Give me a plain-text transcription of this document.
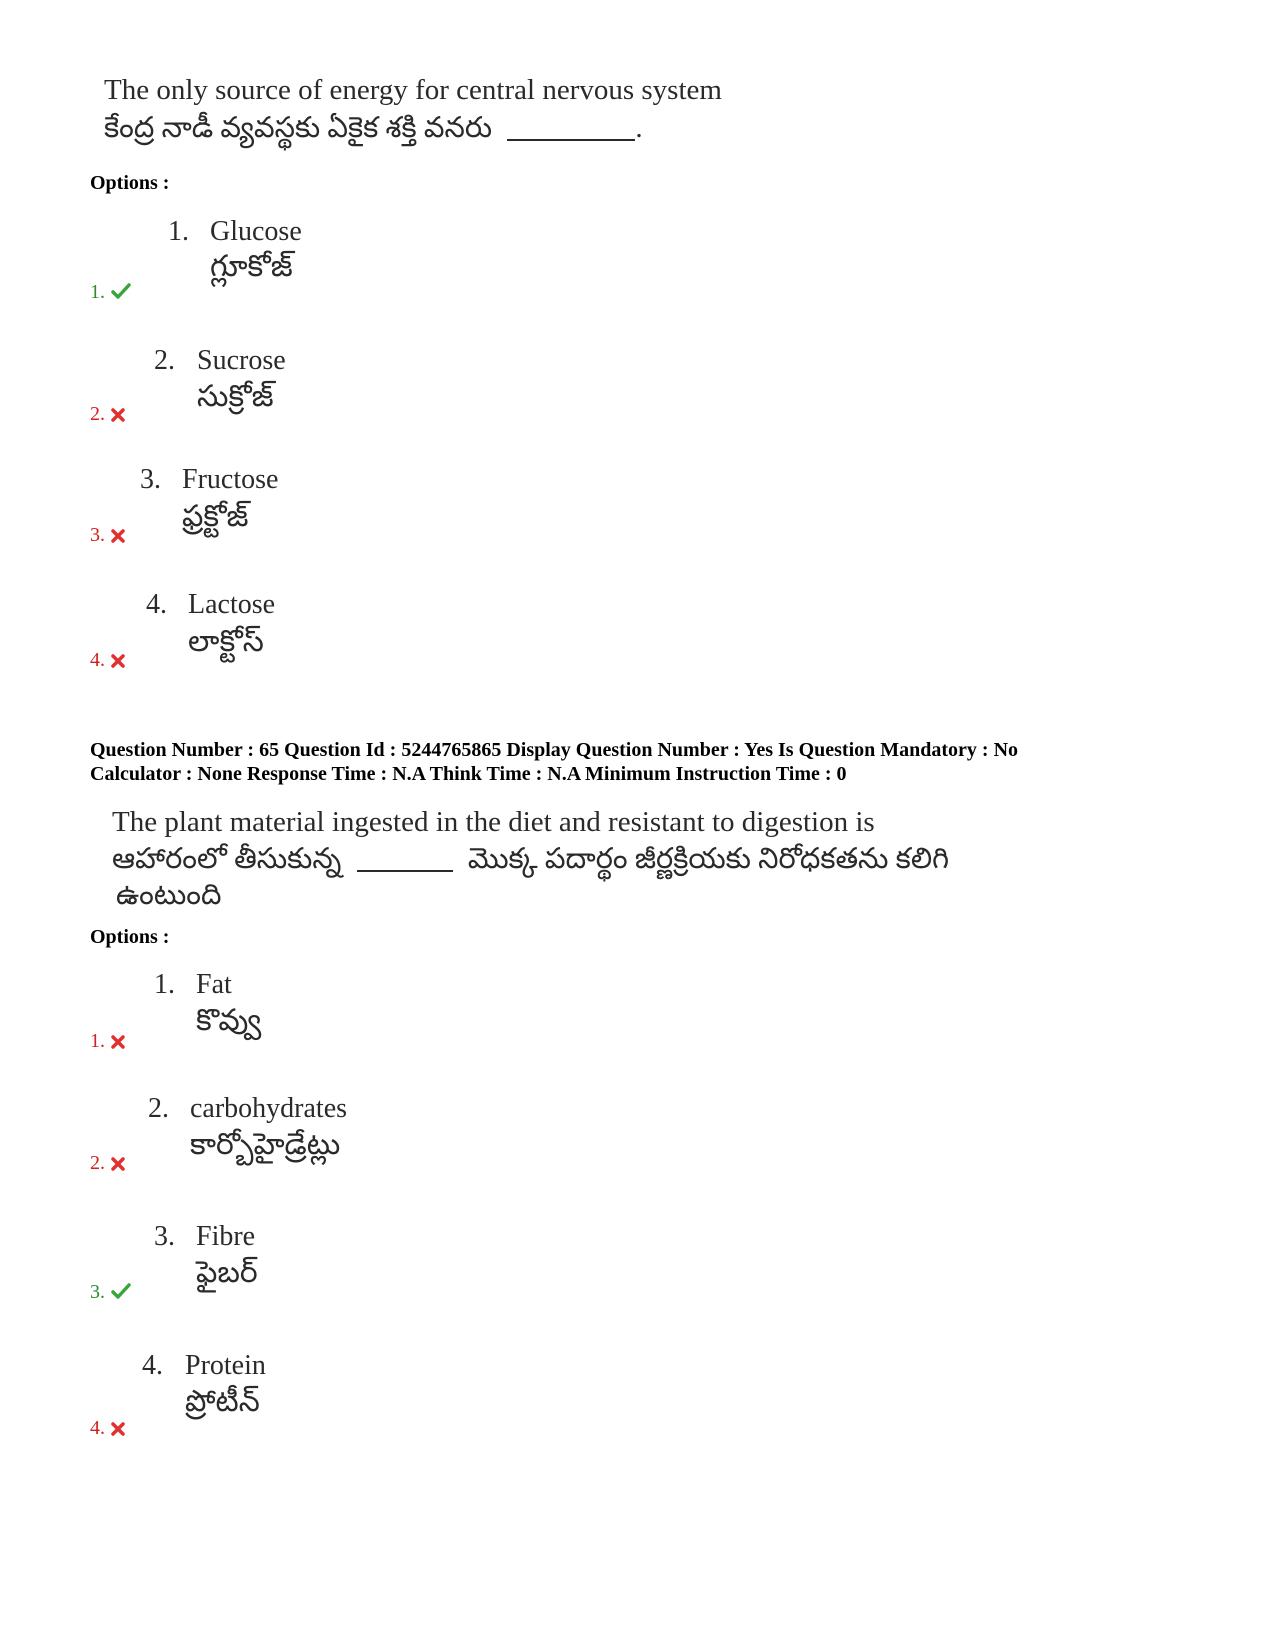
The only source of energy for central nervous system
కేంద్ర నాడీ వ్యవస్థకు ఏకైక శక్తి వనరు	.
Options :
1. Glucose
గ్లూకోజ్
1.
2. Sucrose
సుక్రోజ్
2.
3. Fructose
ఫ్రక్టోజ్
3.
4. Lactose
లాక్టోస్
4.
Question Number : 65 Question Id : 5244765865 Display Question Number : Yes Is Question Mandatory : No
Calculator : None Response Time : N.A Think Time : N.A Minimum Instruction Time : 0
The plant material ingested in the diet and resistant to digestion is
ఆహారంలో తీసుకున్న	మొక్క పదార్థం జీర్ణక్రియకు నిరోధకతను కలిగి
ఉంటుంది
Options :
1. Fat
కొవ్వు
1.
2. carbohydrates
కార్బోహైడ్రేట్లు
2.
3. Fibre
ఫైబర్
3.
4. Protein
ప్రోటీన్
4.
